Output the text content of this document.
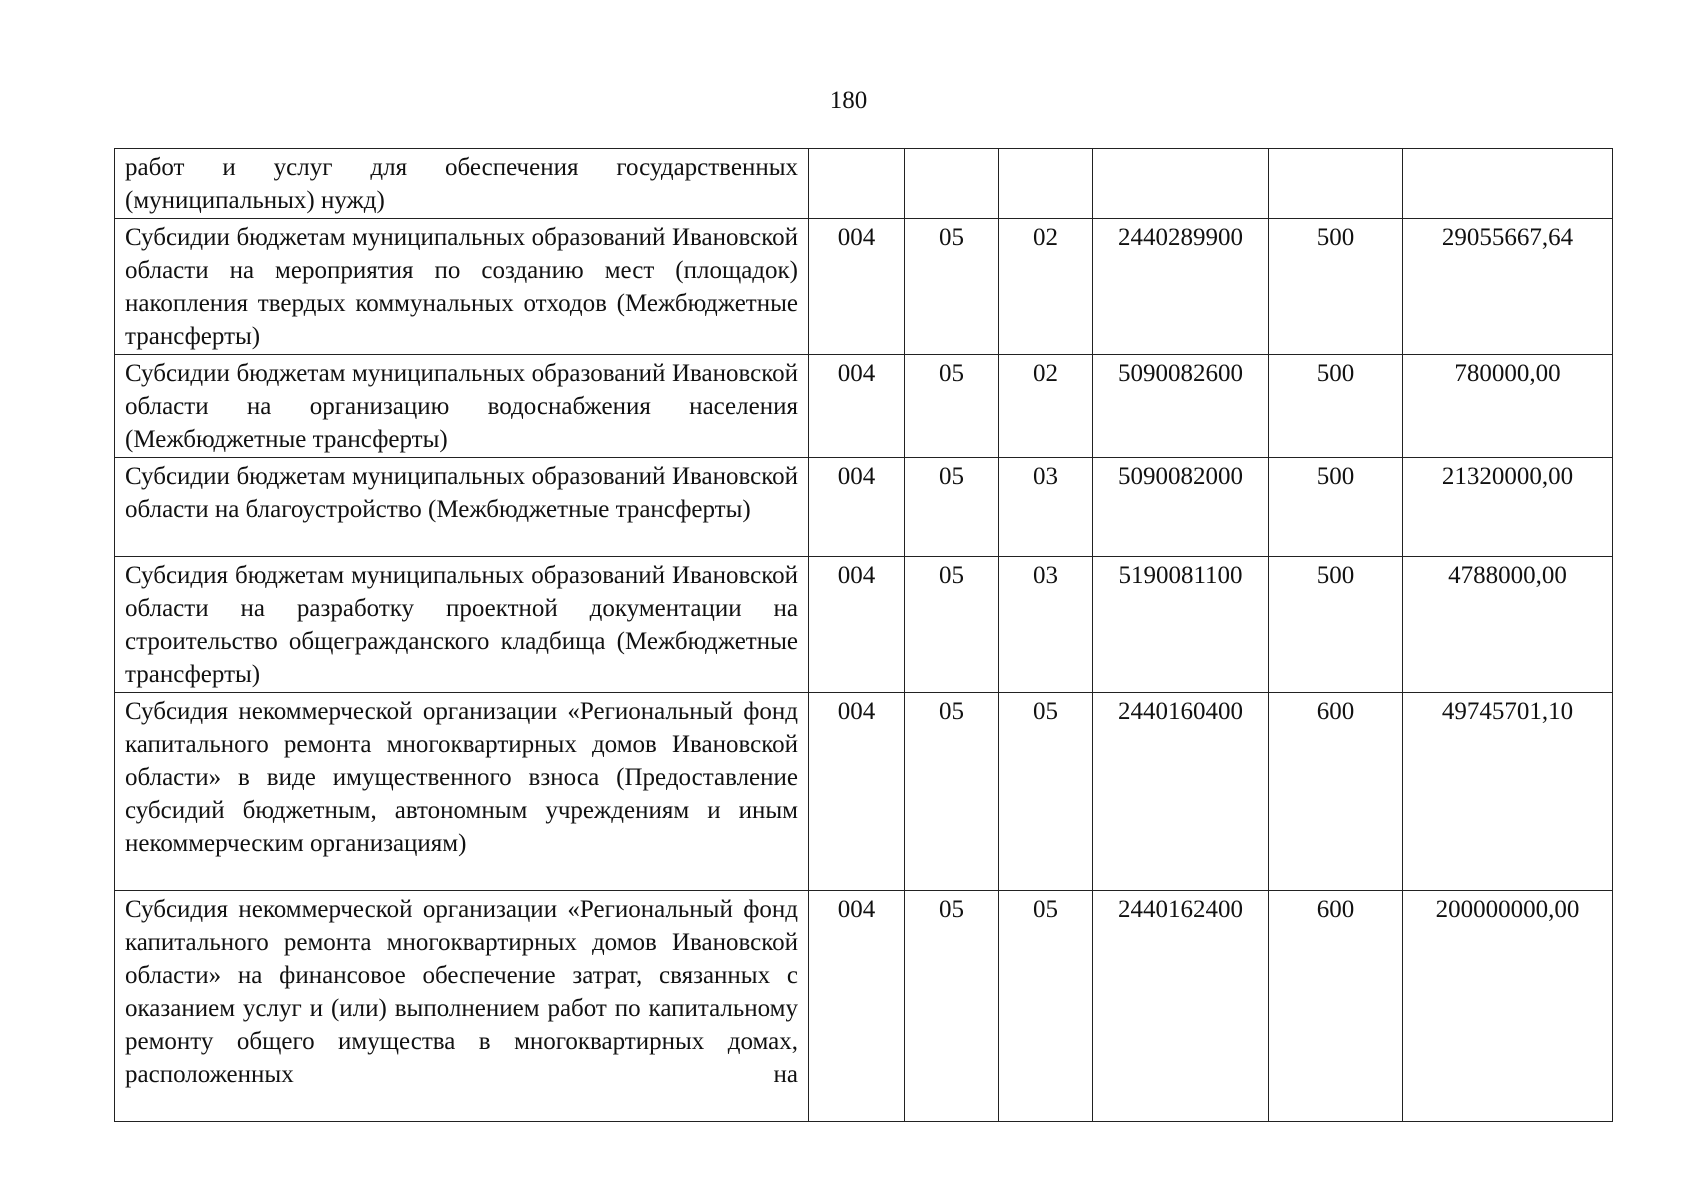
180
работ и услуг для обеспечения государственных (муниципальных) нужд)						
Субсидии бюджетам муниципальных образований Ивановской области на мероприятия по созданию мест (площадок) накопления твердых коммунальных отходов (Межбюджетные трансферты)	004	05	02	2440289900	500	29055667,64
Субсидии бюджетам муниципальных образований Ивановской области на организацию водоснабжения населения (Межбюджетные трансферты)	004	05	02	5090082600	500	780000,00
Субсидии бюджетам муниципальных образований Ивановской области на благоустройство (Межбюджетные трансферты)	004	05	03	5090082000	500	21320000,00
Субсидия бюджетам муниципальных образований Ивановской области на разработку проектной документации на строительство общегражданского кладбища (Межбюджетные трансферты)	004	05	03	5190081100	500	4788000,00
Субсидия некоммерческой организации «Региональный фонд капитального ремонта многоквартирных домов Ивановской области» в виде имущественного взноса (Предоставление субсидий бюджетным, автономным учреждениям и иным некоммерческим организациям)	004	05	05	2440160400	600	49745701,10
Субсидия некоммерческой организации «Региональный фонд капитального ремонта многоквартирных домов Ивановской области» на финансовое обеспечение затрат, связанных с оказанием услуг и (или) выполнением работ по капитальному ремонту общего имущества в многоквартирных домах, расположенных на	004	05	05	2440162400	600	200000000,00
